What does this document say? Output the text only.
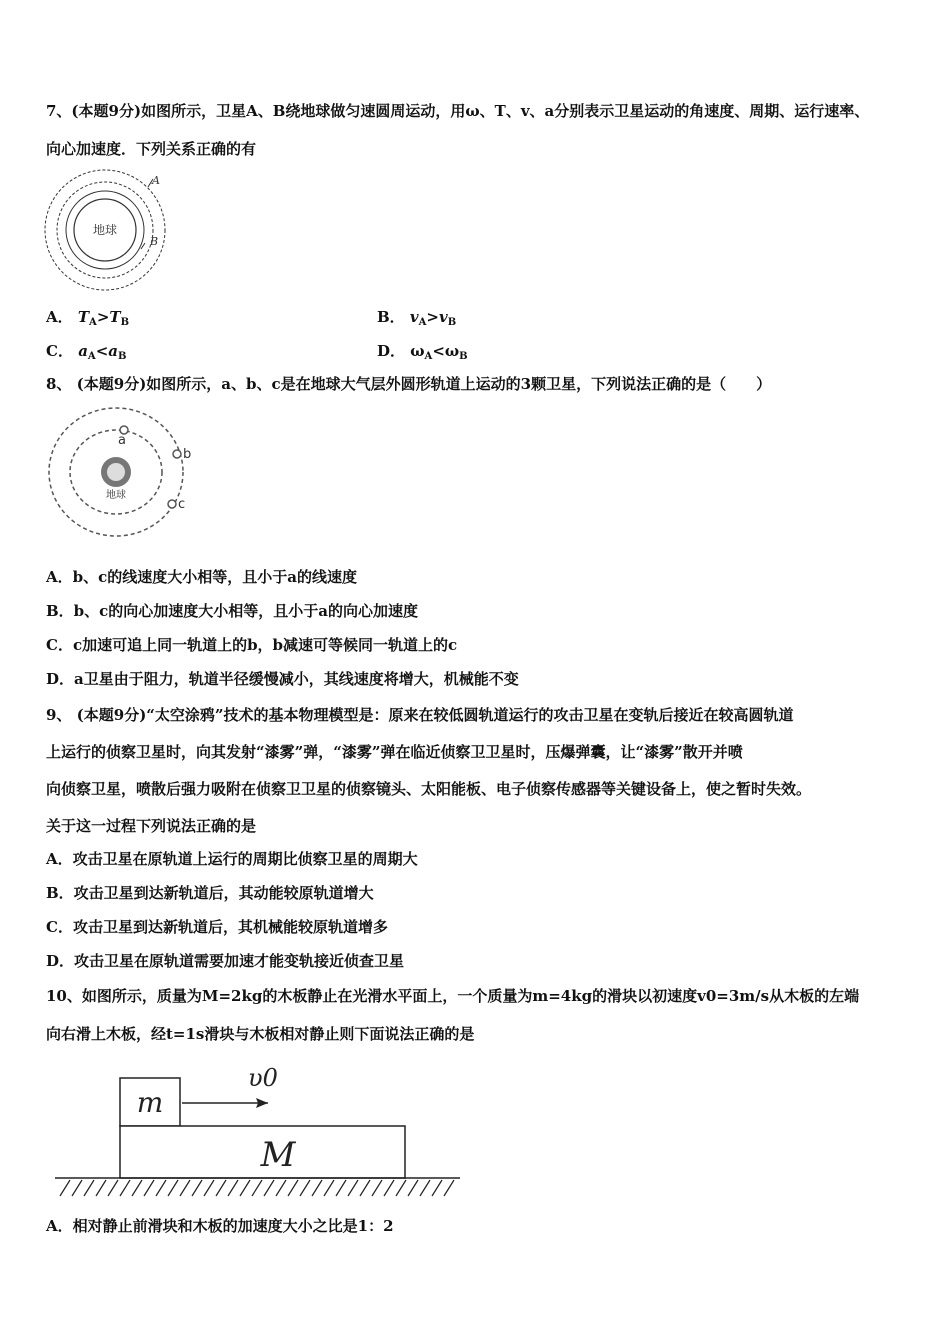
7、(本题9分)如图所示，卫星A、B绕地球做匀速圆周运动，用ω、T、v、a分别表示卫星运动的角速度、周期、运行速率、
向心加速度．下列关系正确的有
地球
A
B
A． $T_A>T_B$	B． $v_A>v_B$
C． $a_A<a_B$	D． $\omega_A<\omega_B$
8、 (本题9分)如图所示，a、b、c是在地球大气层外圆形轨道上运动的3颗卫星，下列说法正确的是（　　）
地球
a
b
c
A．b、c的线速度大小相等，且小于a的线速度
B．b、c的向心加速度大小相等，且小于a的向心加速度
C．c加速可追上同一轨道上的b，b减速可等候同一轨道上的c
D．a卫星由于阻力，轨道半径缓慢减小，其线速度将增大，机械能不变
9、 (本题9分)“太空涂鸦”技术的基本物理模型是：原来在较低圆轨道运行的攻击卫星在变轨后接近在较高圆轨道
上运行的侦察卫星时，向其发射“漆雾”弹，“漆雾”弹在临近侦察卫卫星时，压爆弹囊，让“漆雾”散开并喷
向侦察卫星，喷散后强力吸附在侦察卫卫星的侦察镜头、太阳能板、电子侦察传感器等关键设备上，使之暂时失效。
关于这一过程下列说法正确的是
A．攻击卫星在原轨道上运行的周期比侦察卫星的周期大
B．攻击卫星到达新轨道后，其动能较原轨道增大
C．攻击卫星到达新轨道后，其机械能较原轨道增多
D．攻击卫星在原轨道需要加速才能变轨接近侦查卫星
10、如图所示，质量为M=2kg的木板静止在光滑水平面上，一个质量为m=4kg的滑块以初速度v0=3m/s从木板的左端
向右滑上木板，经t=1s滑块与木板相对静止则下面说法正确的是
m
M
υ0
A．相对静止前滑块和木板的加速度大小之比是1：2
